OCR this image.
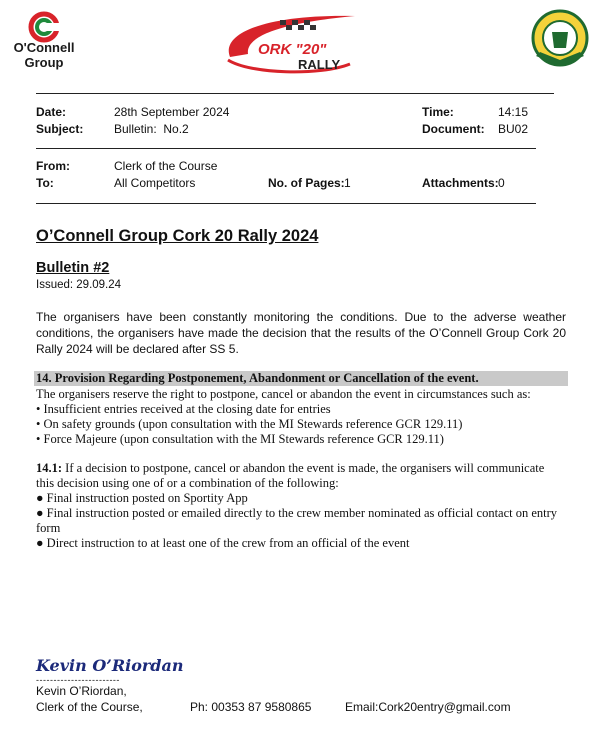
O'Connell
Group
ORK "20"
RALLY
Date:	28th September 2024	Time:	14:15
Subject:	Bulletin:  No.2	Document: BU02
From:	Clerk of the Course
To:	All Competitors	No. of Pages: 1	Attachments: 0
O’Connell Group Cork 20 Rally 2024
Bulletin #2
Issued: 29.09.24
The organisers have been constantly monitoring the conditions. Due to the adverse weather
conditions, the organisers have made the decision that the results of the O’Connell Group Cork 20
Rally 2024 will be declared after SS 5.
14. Provision Regarding Postponement, Abandonment or Cancellation of the event.
The organisers reserve the right to postpone, cancel or abandon the event in circumstances such as:
• Insufficient entries received at the closing date for entries
• On safety grounds (upon consultation with the MI Stewards reference GCR 129.11)
• Force Majeure (upon consultation with the MI Stewards reference GCR 129.11)
14.1: If a decision to postpone, cancel or abandon the event is made, the organisers will communicate
this decision using one of or a combination of the following:
● Final instruction posted on Sportity App
● Final instruction posted or emailed directly to the crew member nominated as official contact on entry
form
● Direct instruction to at least one of the crew from an official of the event
Kevin O’Riordan
------------------------
Kevin O’Riordan,
Clerk of the Course,	Ph: 00353 87 9580865	Email:Cork20entry@gmail.com
